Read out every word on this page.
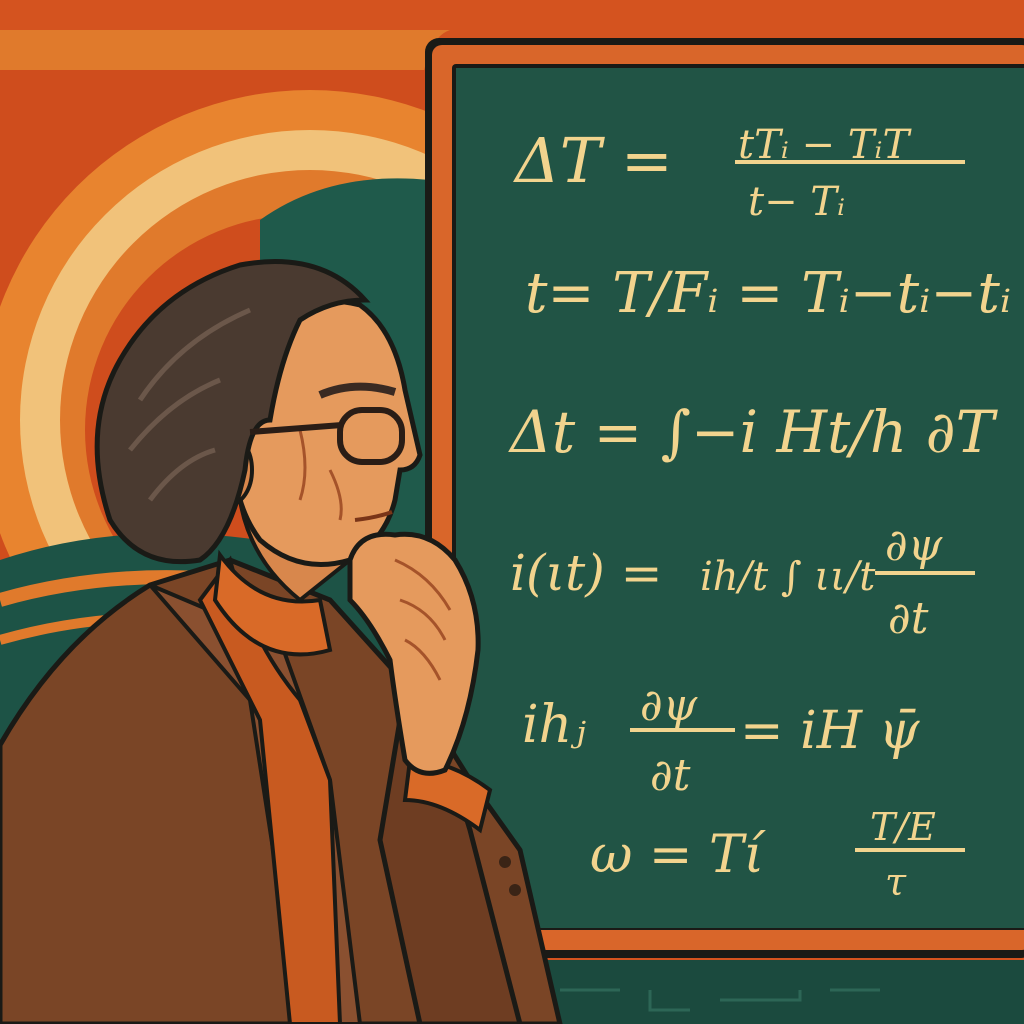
ΔT = tTᵢ − TᵢT
t− Tᵢ
t= T/Fᵢ = Tᵢ−tᵢ−tᵢ
Δt = ∫−i Ht/h ∂T
i(ιt) = ih/t ∫ ιι/t
∂ψ
∂t
ihⱼ ∂ψ
∂t
= iH ψ̄
ω = Tί	T/E
τ
